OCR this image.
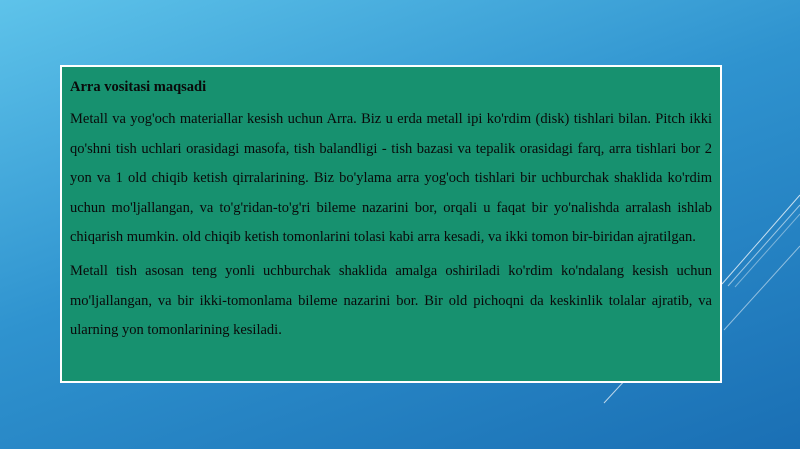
Arra vositasi maqsadi

Metall va yog'och materiallar kesish uchun Arra. Biz u erda metall ipi ko'rdim (disk) tishlari bilan. Pitch ikki qo'shni tish uchlari orasidagi masofa, tish balandligi - tish bazasi va tepalik orasidagi farq, arra tishlari bor 2 yon va 1 old chiqib ketish qirralarining. Biz bo'ylama arra yog'och tishlari bir uchburchak shaklida ko'rdim uchun mo'ljallangan, va to'g'ridan-to'g'ri bileme nazarini bor, orqali u faqat bir yo'nalishda arralash ishlab chiqarish mumkin. old chiqib ketish tomonlarini tolasi kabi arra kesadi, va ikki tomon bir-biridan ajratilgan.

Metall tish asosan teng yonli uchburchak shaklida amalga oshiriladi ko'rdim ko'ndalang kesish uchun mo'ljallangan, va bir ikki-tomonlama bileme nazarini bor. Bir old pichoqni da keskinlik tolalar ajratib, va ularning yon tomonlarining kesiladi.
